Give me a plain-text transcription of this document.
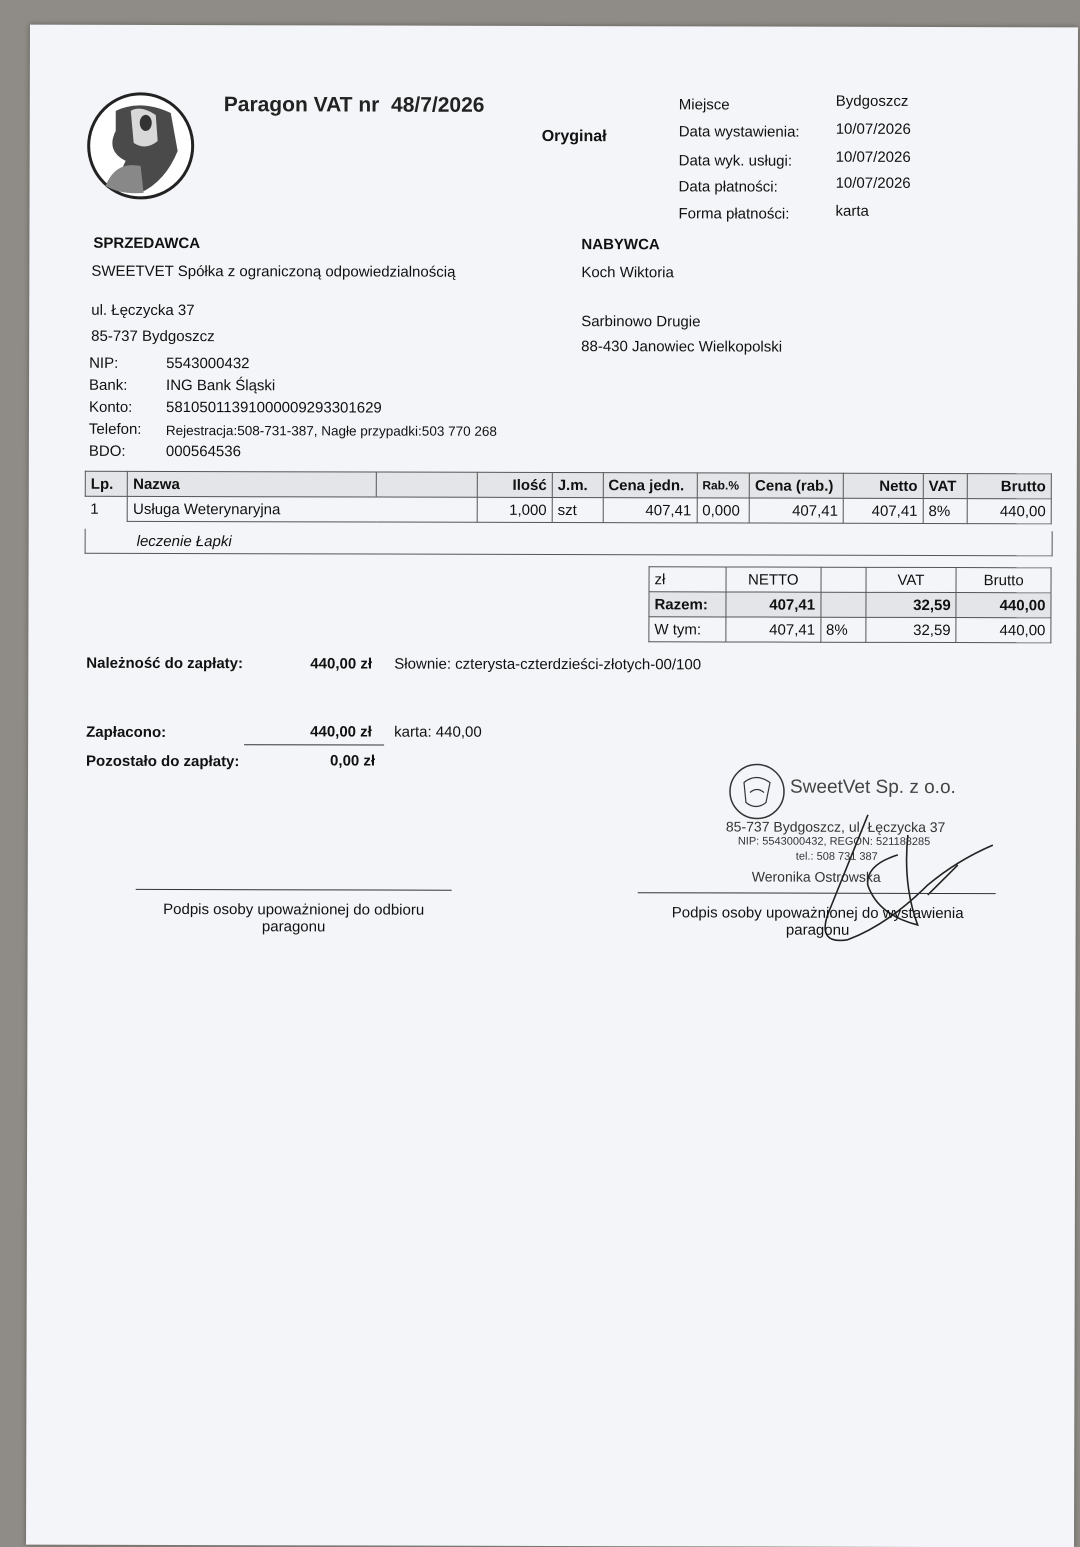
Paragon VAT nr 48/7/2026
Oryginał
Miejsce	Bydgoszcz
Data wystawienia: 10/07/2026
Data wyk. usługi:	10/07/2026
Data płatności:	10/07/2026
Forma płatności:	karta
SPRZEDAWCA
SWEETVET Spółka z ograniczoną odpowiedzialnością
ul. Łęczycka 37
85-737 Bydgoszcz
NIP:	5543000432
Bank:	ING Bank Śląski
Konto: 58105011391000009293301629
Telefon: Rejestracja:508-731-387, Nagłe przypadki:503 770 268
BDO:	000564536
NABYWCA
Koch Wiktoria
Sarbinowo Drugie
88-430 Janowiec Wielkopolski
Lp.	Nazwa		Ilość	J.m.	Cena jedn.	Rab.%	Cena (rab.)	Netto	VAT	Brutto
1	Usługa Weterynaryjna		1,000	szt	407,41	0,000	407,41	407,41	8%	440,00
leczenie Łapki
zł	NETTO		VAT	Brutto
Razem:	407,41		32,59	440,00
W tym:	407,41	8%	32,59	440,00
Należność do zapłaty:	440,00 zł Słownie: czterysta-czterdzieści-złotych-00/100
Zapłacono:	440,00 zł karta: 440,00
Pozostało do zapłaty:	0,00 zł
SweetVet Sp. z o.o.
85-737 Bydgoszcz, ul. Łęczycka 37
NIP: 5543000432, REGON: 521188285
tel.: 508 731 387
Weronika Ostrowska
Podpis osoby upoważnionej do odbioru paragonu
Podpis osoby upoważnionej do wystawienia paragonu
